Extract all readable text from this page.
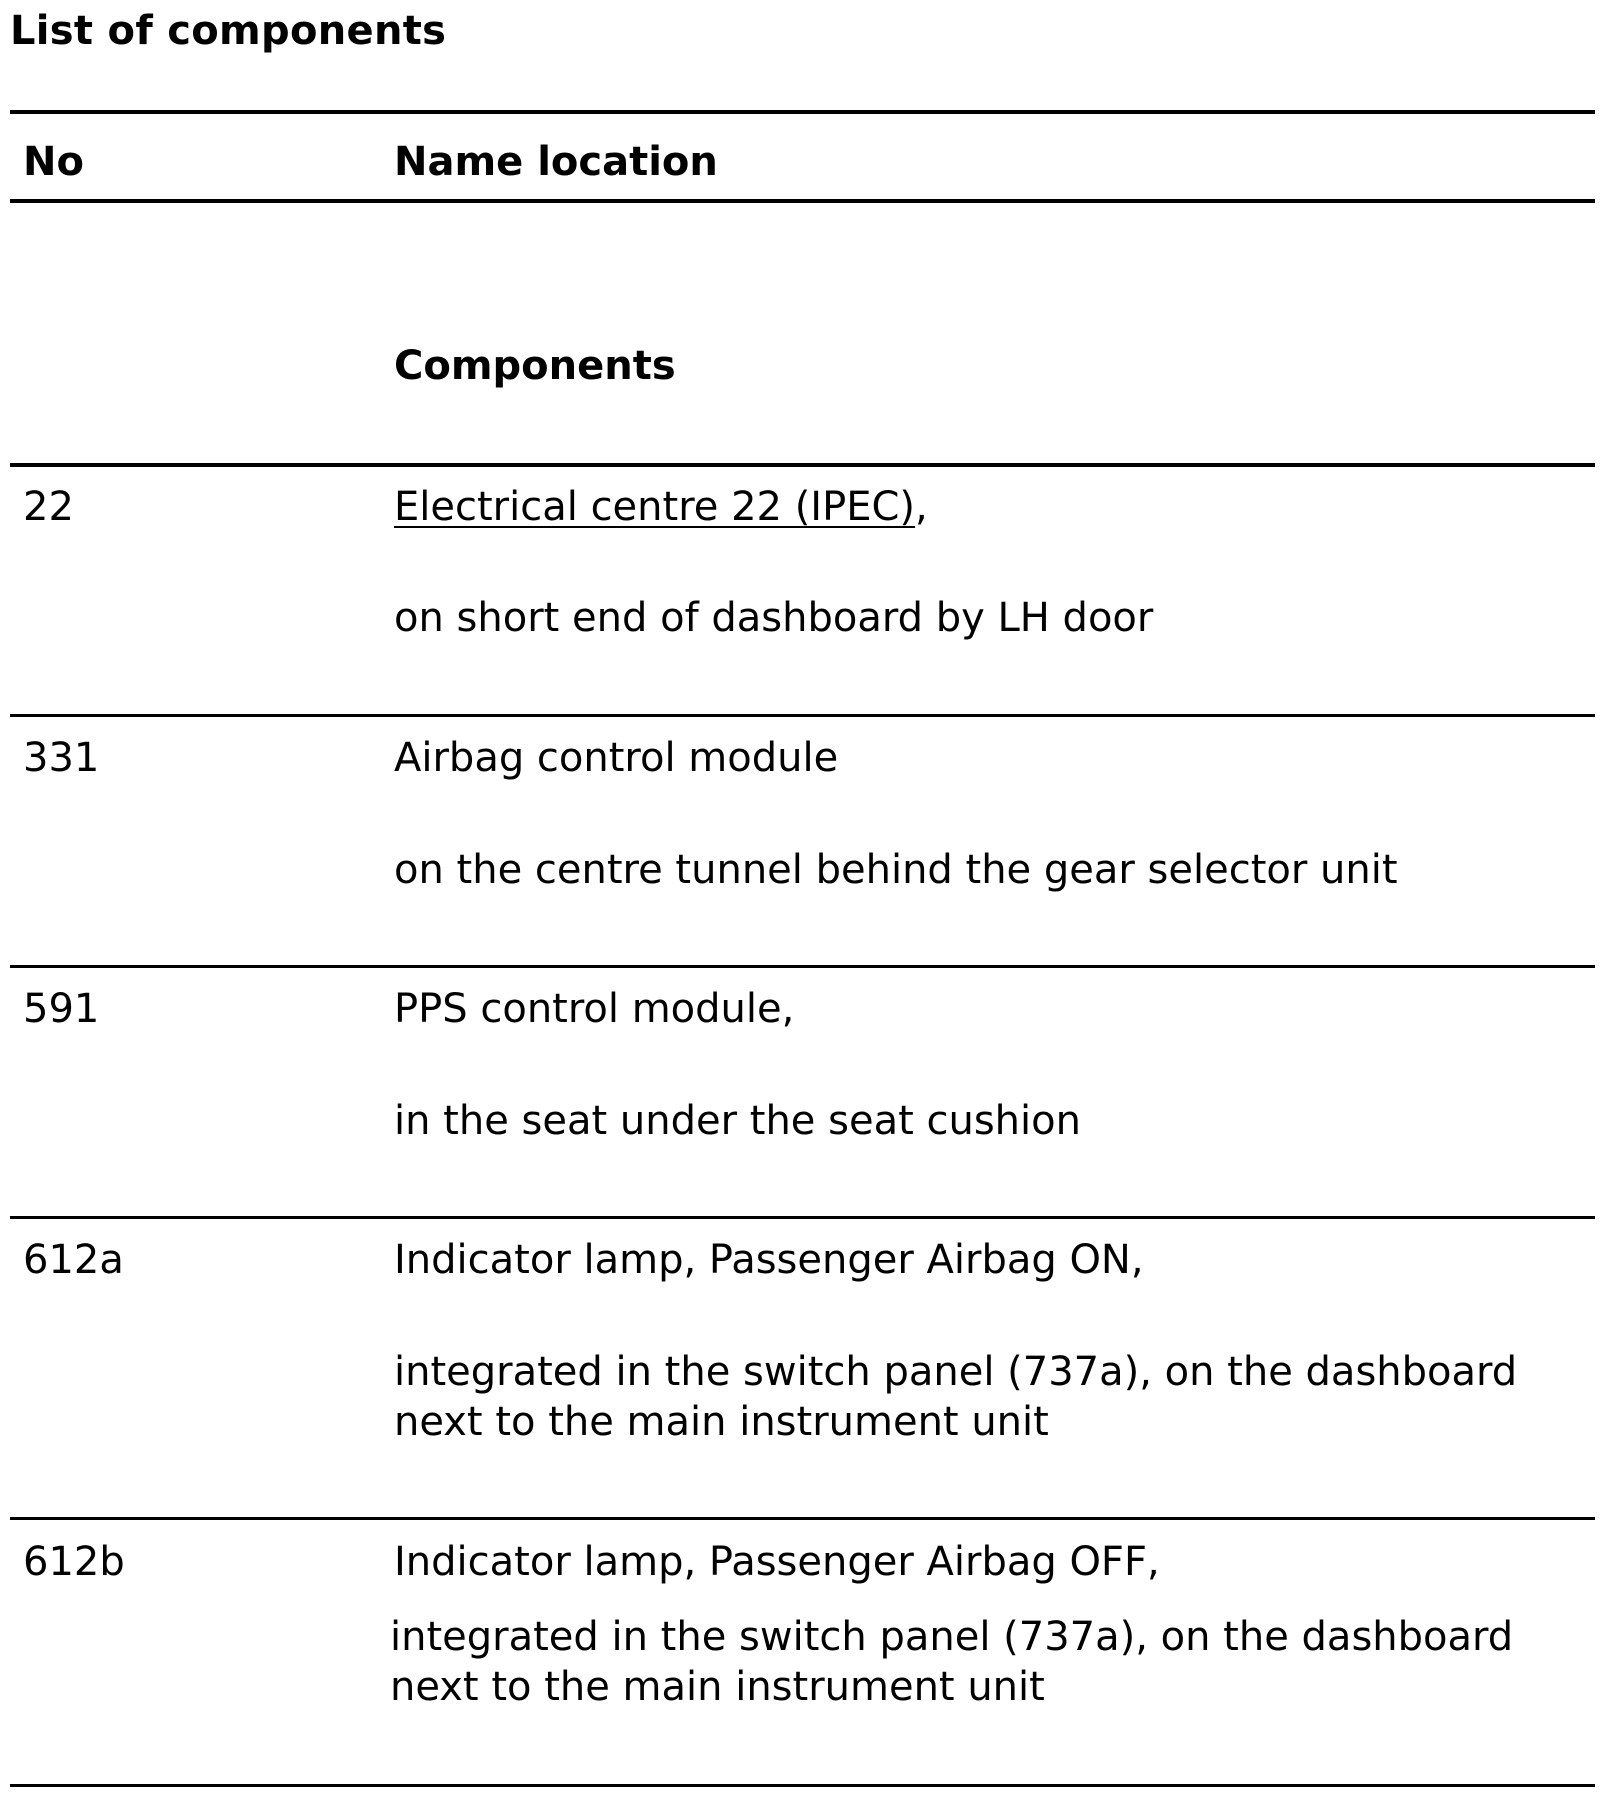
List of components
No	Name location
Components
22	Electrical centre 22 (IPEC),
on short end of dashboard by LH door
331	Airbag control module
on the centre tunnel behind the gear selector unit
591	PPS control module,
in the seat under the seat cushion
612a	Indicator lamp, Passenger Airbag ON,
integrated in the switch panel (737a), on the dashboard
next to the main instrument unit
612b	Indicator lamp, Passenger Airbag OFF,
integrated in the switch panel (737a), on the dashboard
next to the main instrument unit
